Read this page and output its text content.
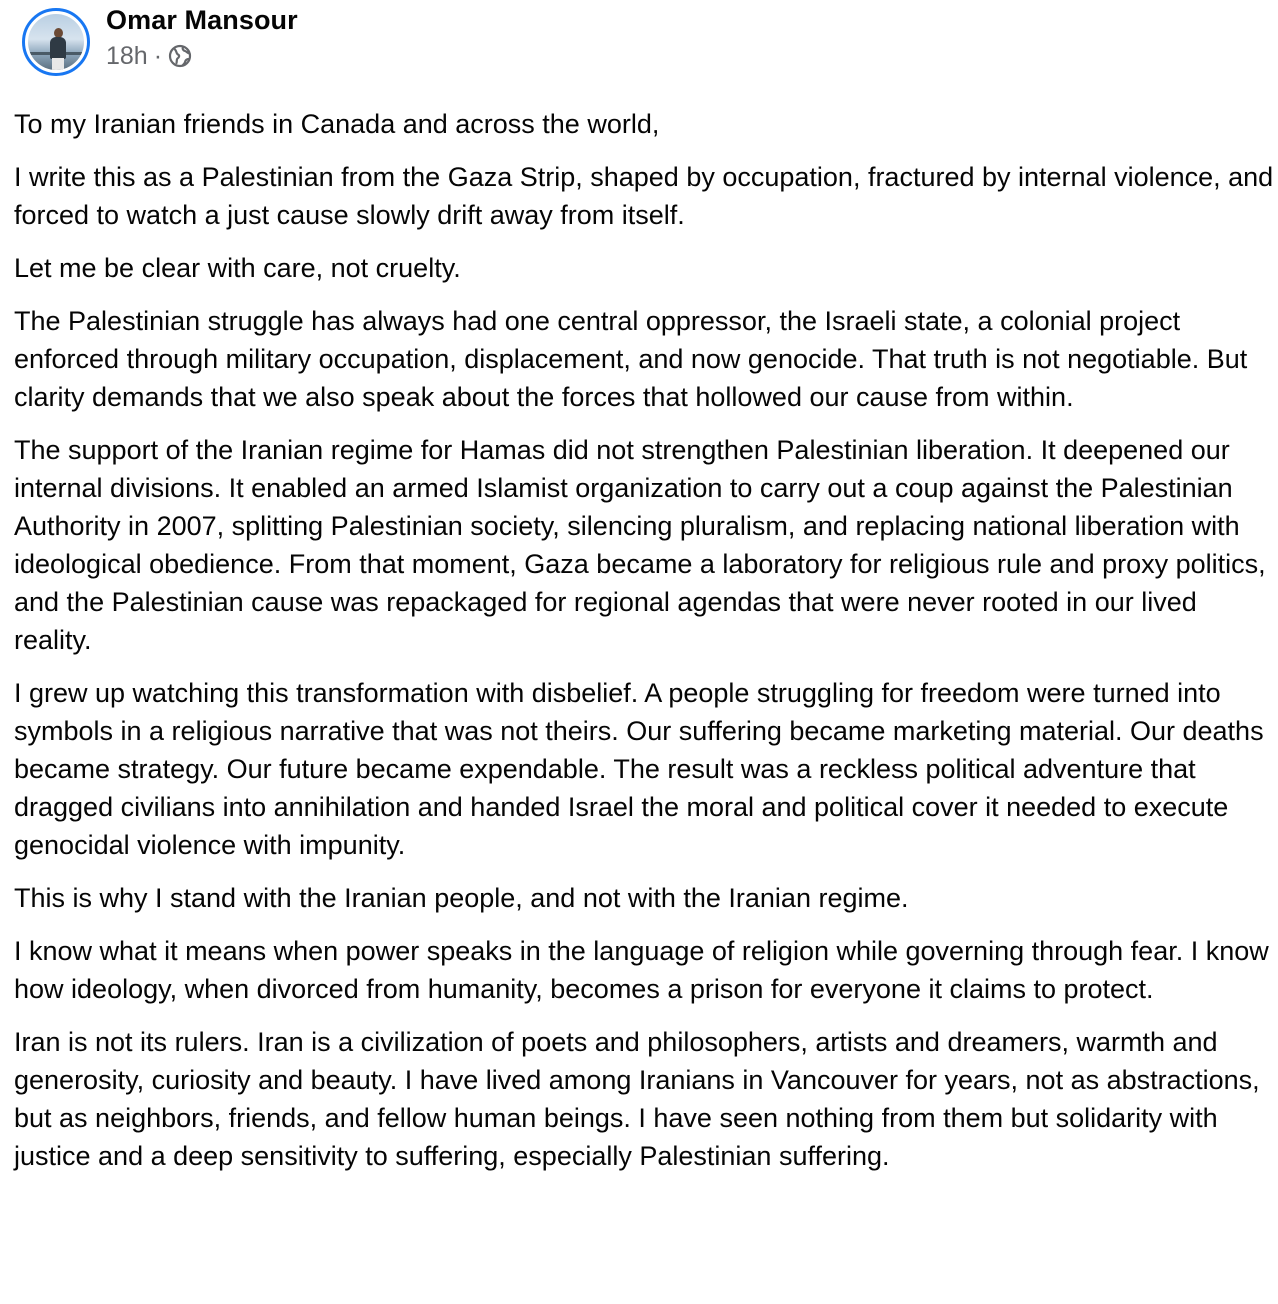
Omar Mansour
18h ·

To my Iranian friends in Canada and across the world,

I write this as a Palestinian from the Gaza Strip, shaped by occupation, fractured by internal violence, and forced to watch a just cause slowly drift away from itself.

Let me be clear with care, not cruelty.

The Palestinian struggle has always had one central oppressor, the Israeli state, a colonial project enforced through military occupation, displacement, and now genocide. That truth is not negotiable. But clarity demands that we also speak about the forces that hollowed our cause from within.

The support of the Iranian regime for Hamas did not strengthen Palestinian liberation. It deepened our internal divisions. It enabled an armed Islamist organization to carry out a coup against the Palestinian Authority in 2007, splitting Palestinian society, silencing pluralism, and replacing national liberation with ideological obedience. From that moment, Gaza became a laboratory for religious rule and proxy politics, and the Palestinian cause was repackaged for regional agendas that were never rooted in our lived reality.

I grew up watching this transformation with disbelief. A people struggling for freedom were turned into symbols in a religious narrative that was not theirs. Our suffering became marketing material. Our deaths became strategy. Our future became expendable. The result was a reckless political adventure that dragged civilians into annihilation and handed Israel the moral and political cover it needed to execute genocidal violence with impunity.

This is why I stand with the Iranian people, and not with the Iranian regime.

I know what it means when power speaks in the language of religion while governing through fear. I know how ideology, when divorced from humanity, becomes a prison for everyone it claims to protect.

Iran is not its rulers. Iran is a civilization of poets and philosophers, artists and dreamers, warmth and generosity, curiosity and beauty. I have lived among Iranians in Vancouver for years, not as abstractions, but as neighbors, friends, and fellow human beings. I have seen nothing from them but solidarity with justice and a deep sensitivity to suffering, especially Palestinian suffering.
